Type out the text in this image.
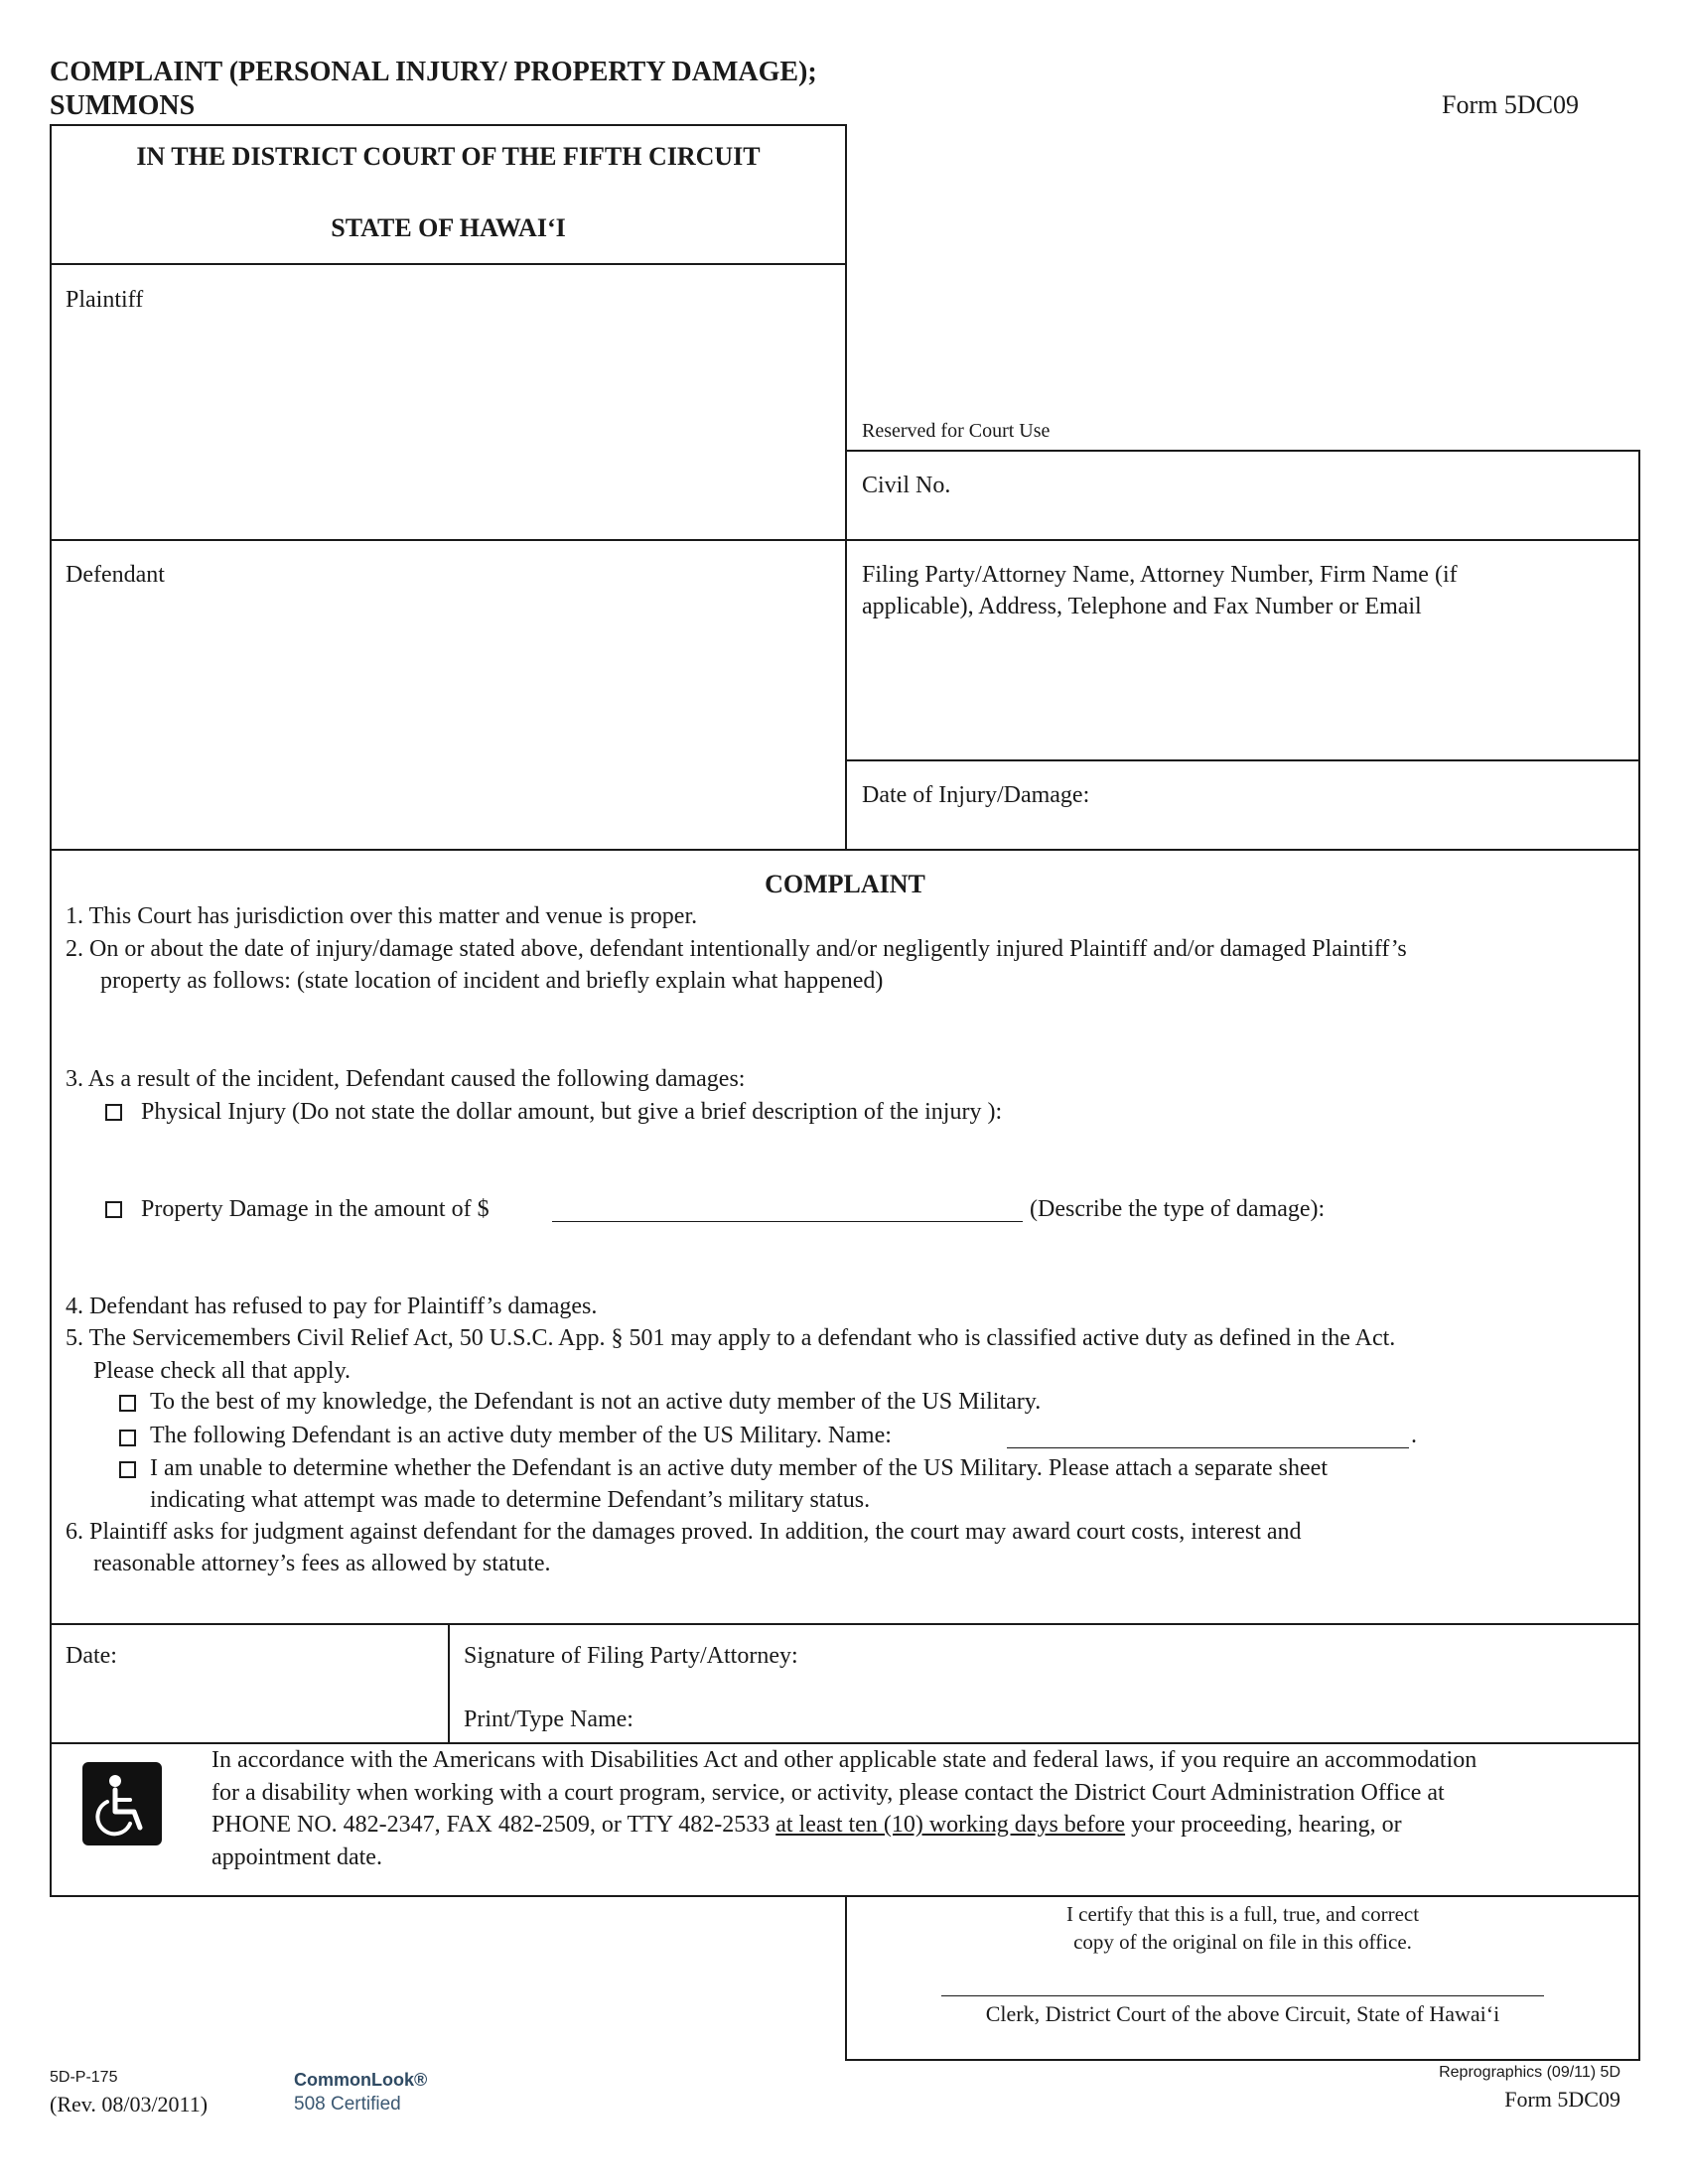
COMPLAINT (PERSONAL INJURY/ PROPERTY DAMAGE);
SUMMONS	Form 5DC09
IN THE DISTRICT COURT OF THE FIFTH CIRCUIT
STATE OF HAWAI‘I
Plaintiff
Defendant
Reserved for Court Use
Civil No.
Filing Party/Attorney Name, Attorney Number, Firm Name (if
applicable), Address, Telephone and Fax Number or Email
Date of Injury/Damage:
COMPLAINT
1. This Court has jurisdiction over this matter and venue is proper.
2. On or about the date of injury/damage stated above, defendant intentionally and/or negligently injured Plaintiff and/or damaged Plaintiff’s
property as follows: (state location of incident and briefly explain what happened)
3. As a result of the incident, Defendant caused the following damages:
Physical Injury (Do not state the dollar amount, but give a brief description of the injury ):
Property Damage in the amount of $	(Describe the type of damage):
4. Defendant has refused to pay for Plaintiff’s damages.
5. The Servicemembers Civil Relief Act, 50 U.S.C. App. § 501 may apply to a defendant who is classified active duty as defined in the Act.
Please check all that apply.
To the best of my knowledge, the Defendant is not an active duty member of the US Military.
The following Defendant is an active duty member of the US Military. Name:	.
I am unable to determine whether the Defendant is an active duty member of the US Military. Please attach a separate sheet
indicating what attempt was made to determine Defendant’s military status.
6. Plaintiff asks for judgment against defendant for the damages proved. In addition, the court may award court costs, interest and
reasonable attorney’s fees as allowed by statute.
Date:	Signature of Filing Party/Attorney:
Print/Type Name:
In accordance with the Americans with Disabilities Act and other applicable state and federal laws, if you require an accommodation
for a disability when working with a court program, service, or activity, please contact the District Court Administration Office at
PHONE NO. 482-2347, FAX 482-2509, or TTY 482-2533 at least ten (10) working days before your proceeding, hearing, or
appointment date.
I certify that this is a full, true, and correct
copy of the original on file in this office.
Clerk, District Court of the above Circuit, State of Hawai‘i
5D-P-175
(Rev. 08/03/2011)
CommonLook®
508 Certified
Reprographics (09/11) 5D
Form 5DC09
